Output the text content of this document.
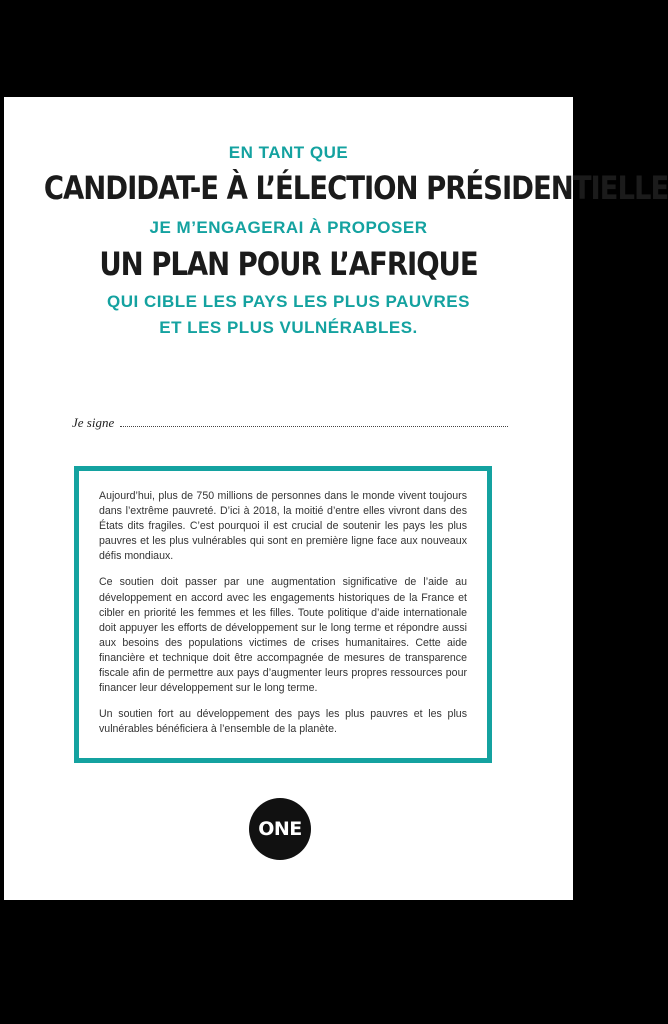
EN TANT QUE
CANDIDAT-E À L’ÉLECTION PRÉSIDENTIELLE
JE M’ENGAGERAI À PROPOSER
UN PLAN POUR L’AFRIQUE
QUI CIBLE LES PAYS LES PLUS PAUVRES
ET LES PLUS VULNÉRABLES.
Je signe

Aujourd’hui, plus de 750 millions de personnes dans le monde vivent toujours dans l’extrême pauvreté. D’ici à 2018, la moitié d’entre elles vivront dans des États dits fragiles. C’est pourquoi il est crucial de soutenir les pays les plus pauvres et les plus vulnérables qui sont en première ligne face aux nouveaux défis mondiaux.

Ce soutien doit passer par une augmentation significative de l’aide au développement en accord avec les engagements historiques de la France et cibler en priorité les femmes et les filles. Toute politique d’aide internationale doit appuyer les efforts de développement sur le long terme et répondre aussi aux besoins des populations victimes de crises humanitaires. Cette aide financière et technique doit être accompagnée de mesures de transparence fiscale afin de permettre aux pays d’augmenter leurs propres ressources pour financer leur développement sur le long terme.

Un soutien fort au développement des pays les plus pauvres et les plus vulnérables bénéficiera à l’ensemble de la planète.

ONE
